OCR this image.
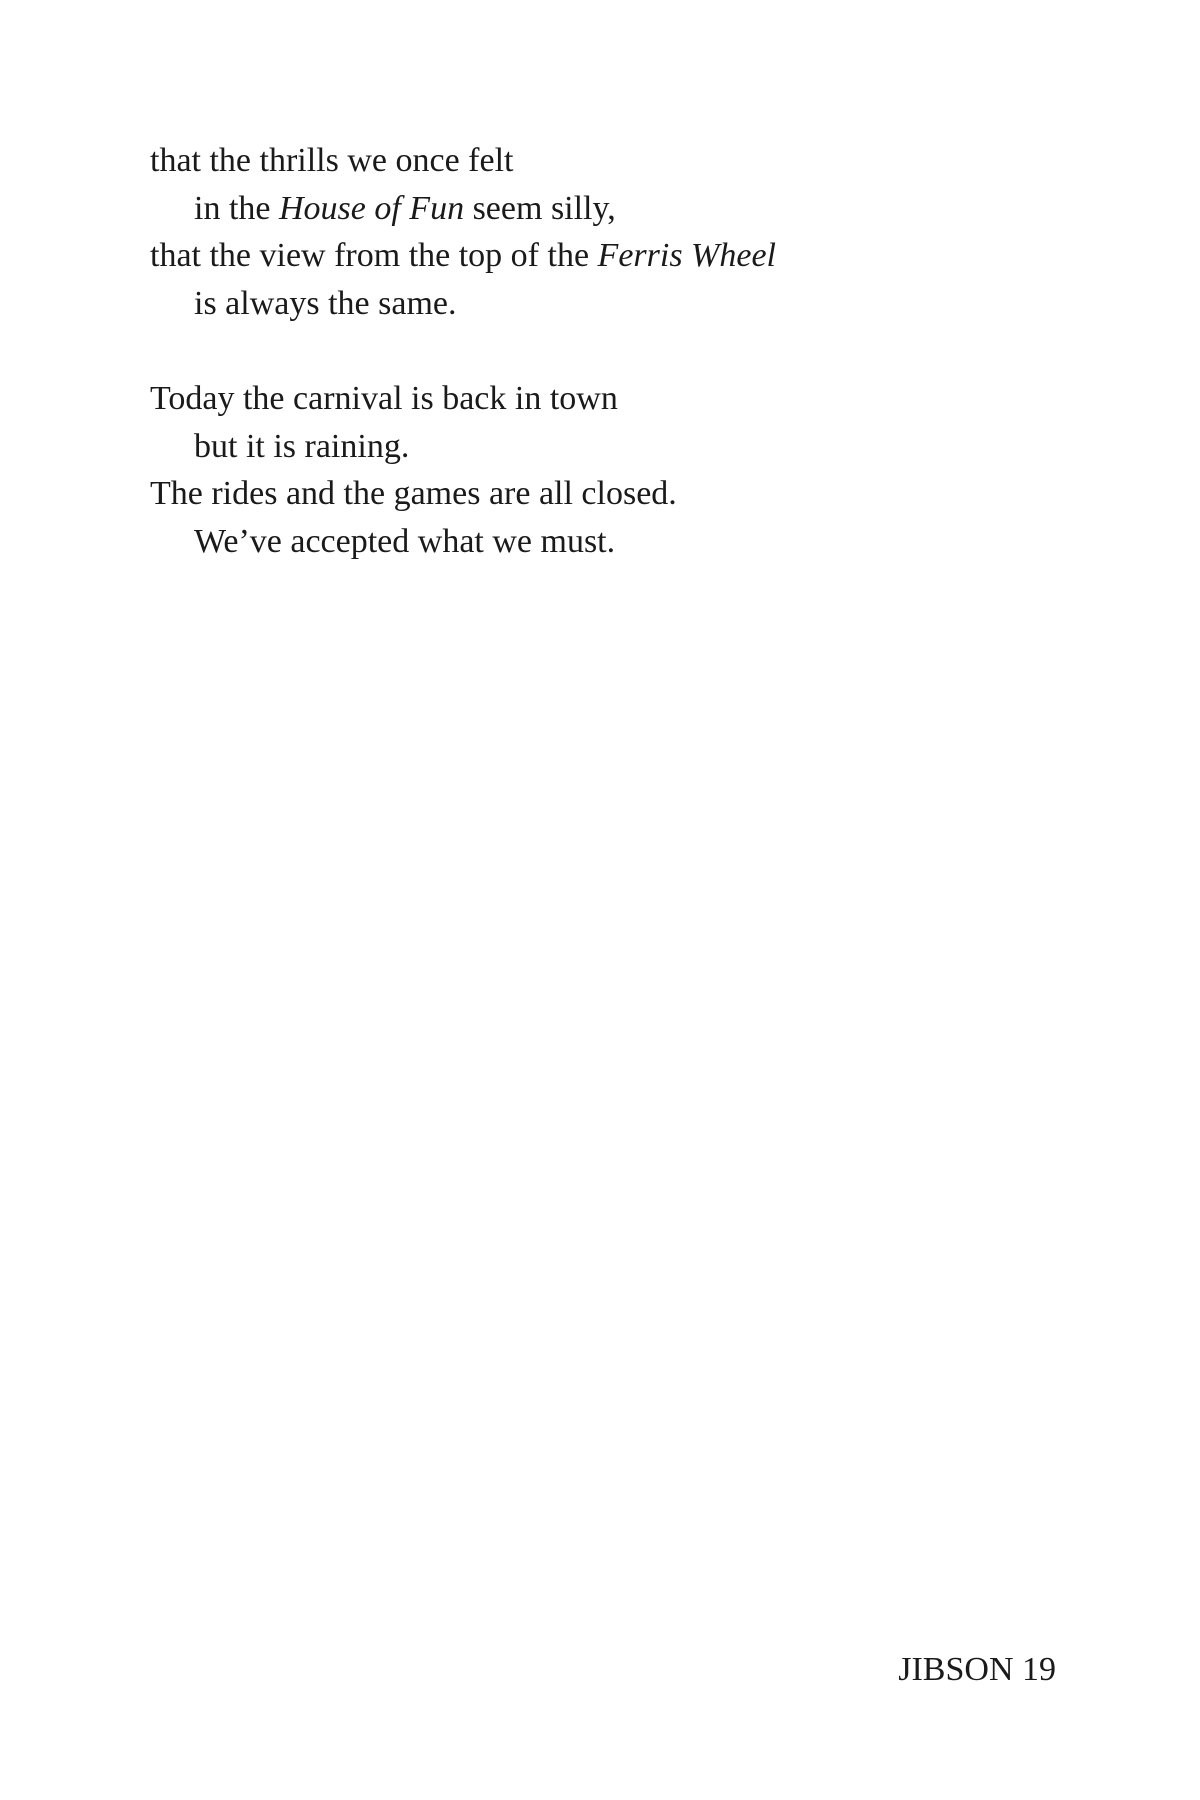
that the thrills we once felt
in the House of Fun seem silly,
that the view from the top of the Ferris Wheel
is always the same.
Today the carnival is back in town
but it is raining.
The rides and the games are all closed.
We’ve accepted what we must.
JIBSON 19
